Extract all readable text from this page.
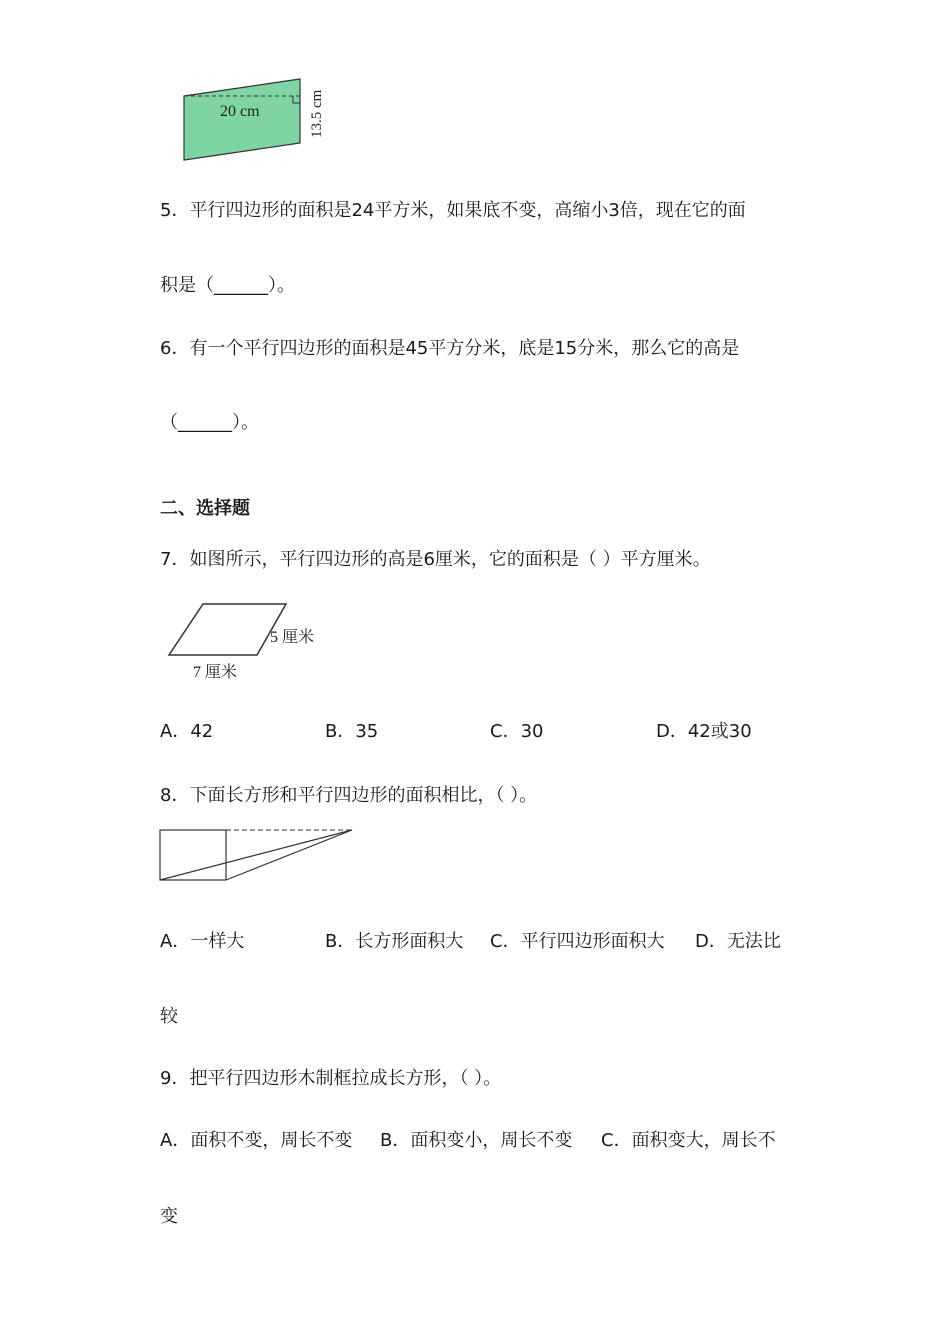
20 cm	13.5 cm
5．平行四边形的面积是24平方米，如果底不变，高缩小3倍，现在它的面
积是（______）。
6．有一个平行四边形的面积是45平方分米，底是15分米，那么它的高是
（______）。
二、选择题
7．如图所示，平行四边形的高是6厘米，它的面积是（ ）平方厘米。
5 厘米
7 厘米
A．42	B．35	C．30	D．42或30
8．下面长方形和平行四边形的面积相比，（ ）。
A．一样大	B．长方形面积大 C．平行四边形面积大 D．无法比
较
9．把平行四边形木制框拉成长方形，（ ）。
A．面积不变，周长不变 B．面积变小，周长不变 C．面积变大，周长不
变
